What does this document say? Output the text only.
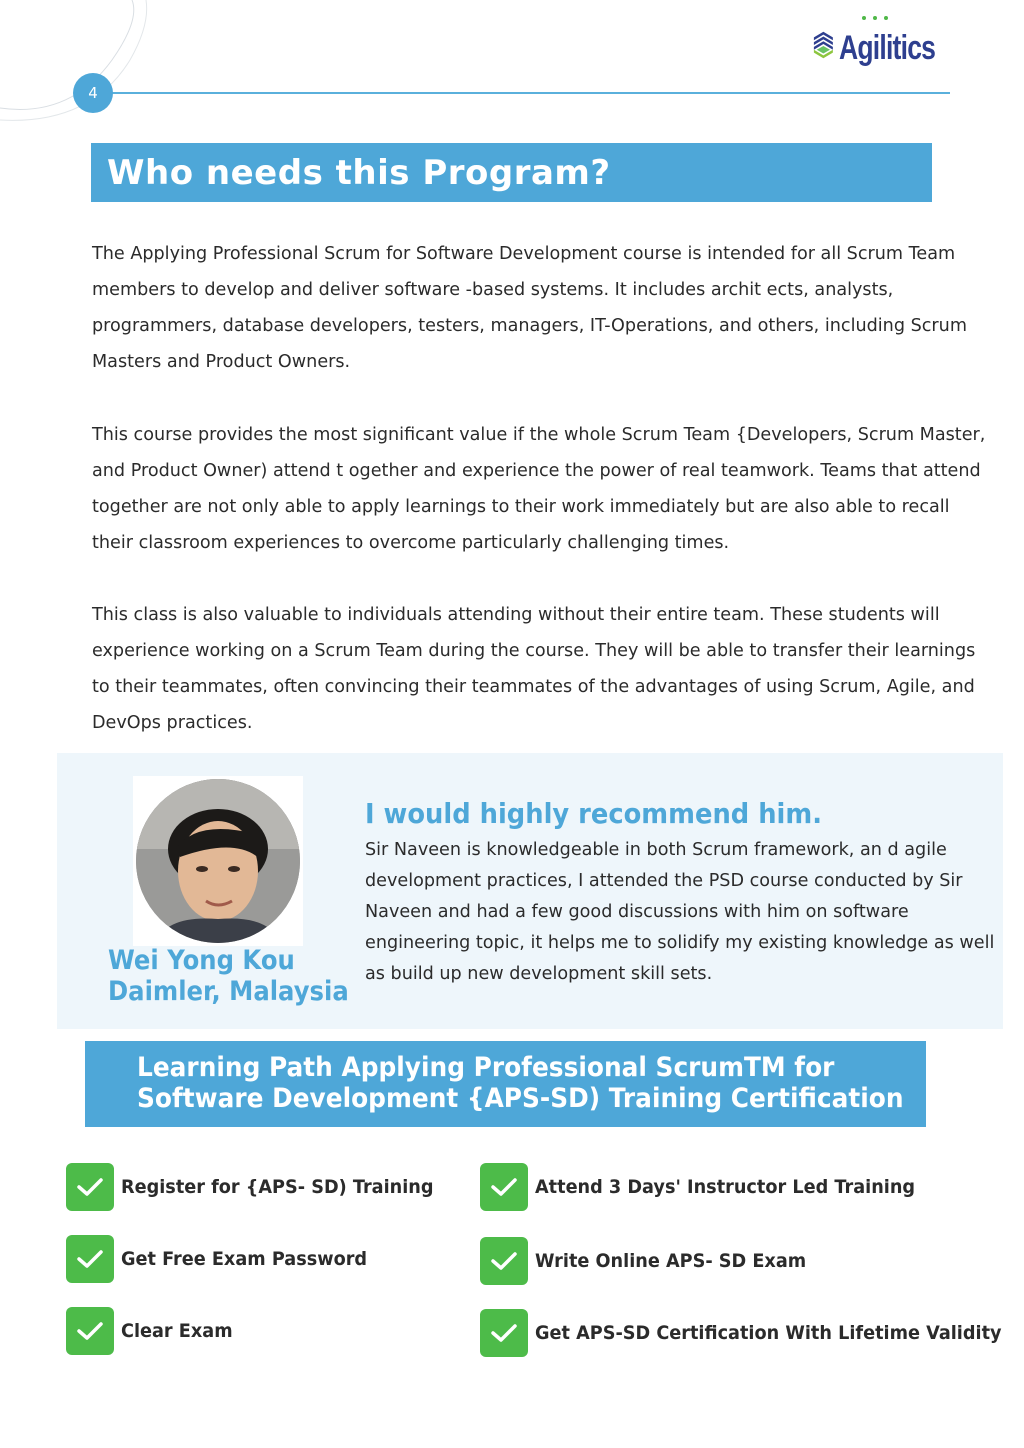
Agilitics
4
Who needs this Program?

The Applying Professional Scrum for Software Development course is intended for all Scrum Team members to develop and deliver software -based systems. It includes archit ects, analysts, programmers, database developers, testers, managers, IT-Operations, and others, including Scrum Masters and Product Owners.

This course provides the most significant value if the whole Scrum Team {Developers, Scrum Master, and Product Owner) attend t ogether and experience the power of real teamwork. Teams that attend together are not only able to apply learnings to their work immediately but are also able to recall their classroom experiences to overcome particularly challenging times.

This class is also valuable to individuals attending without their entire team. These students will experience working on a Scrum Team during the course. They will be able to transfer their learnings to their teammates, often convincing their teammates of the advantages of using Scrum, Agile, and DevOps practices.

Wei Yong Kou
Daimler, Malaysia
I would highly recommend him.

Sir Naveen is knowledgeable in both Scrum framework, an d agile development practices, I attended the PSD course conducted by Sir Naveen and had a few good discussions with him on software engineering topic, it helps me to solidify my existing knowledge as well as build up new development skill sets.

Learning Path Applying Professional ScrumTM for
Software Development {APS-SD) Training Certification
Register for {APS- SD) Training	Attend 3 Days' Instructor Led Training
Get Free Exam Password	Write Online APS- SD Exam
Clear Exam	Get APS-SD Certification With Lifetime Validity
